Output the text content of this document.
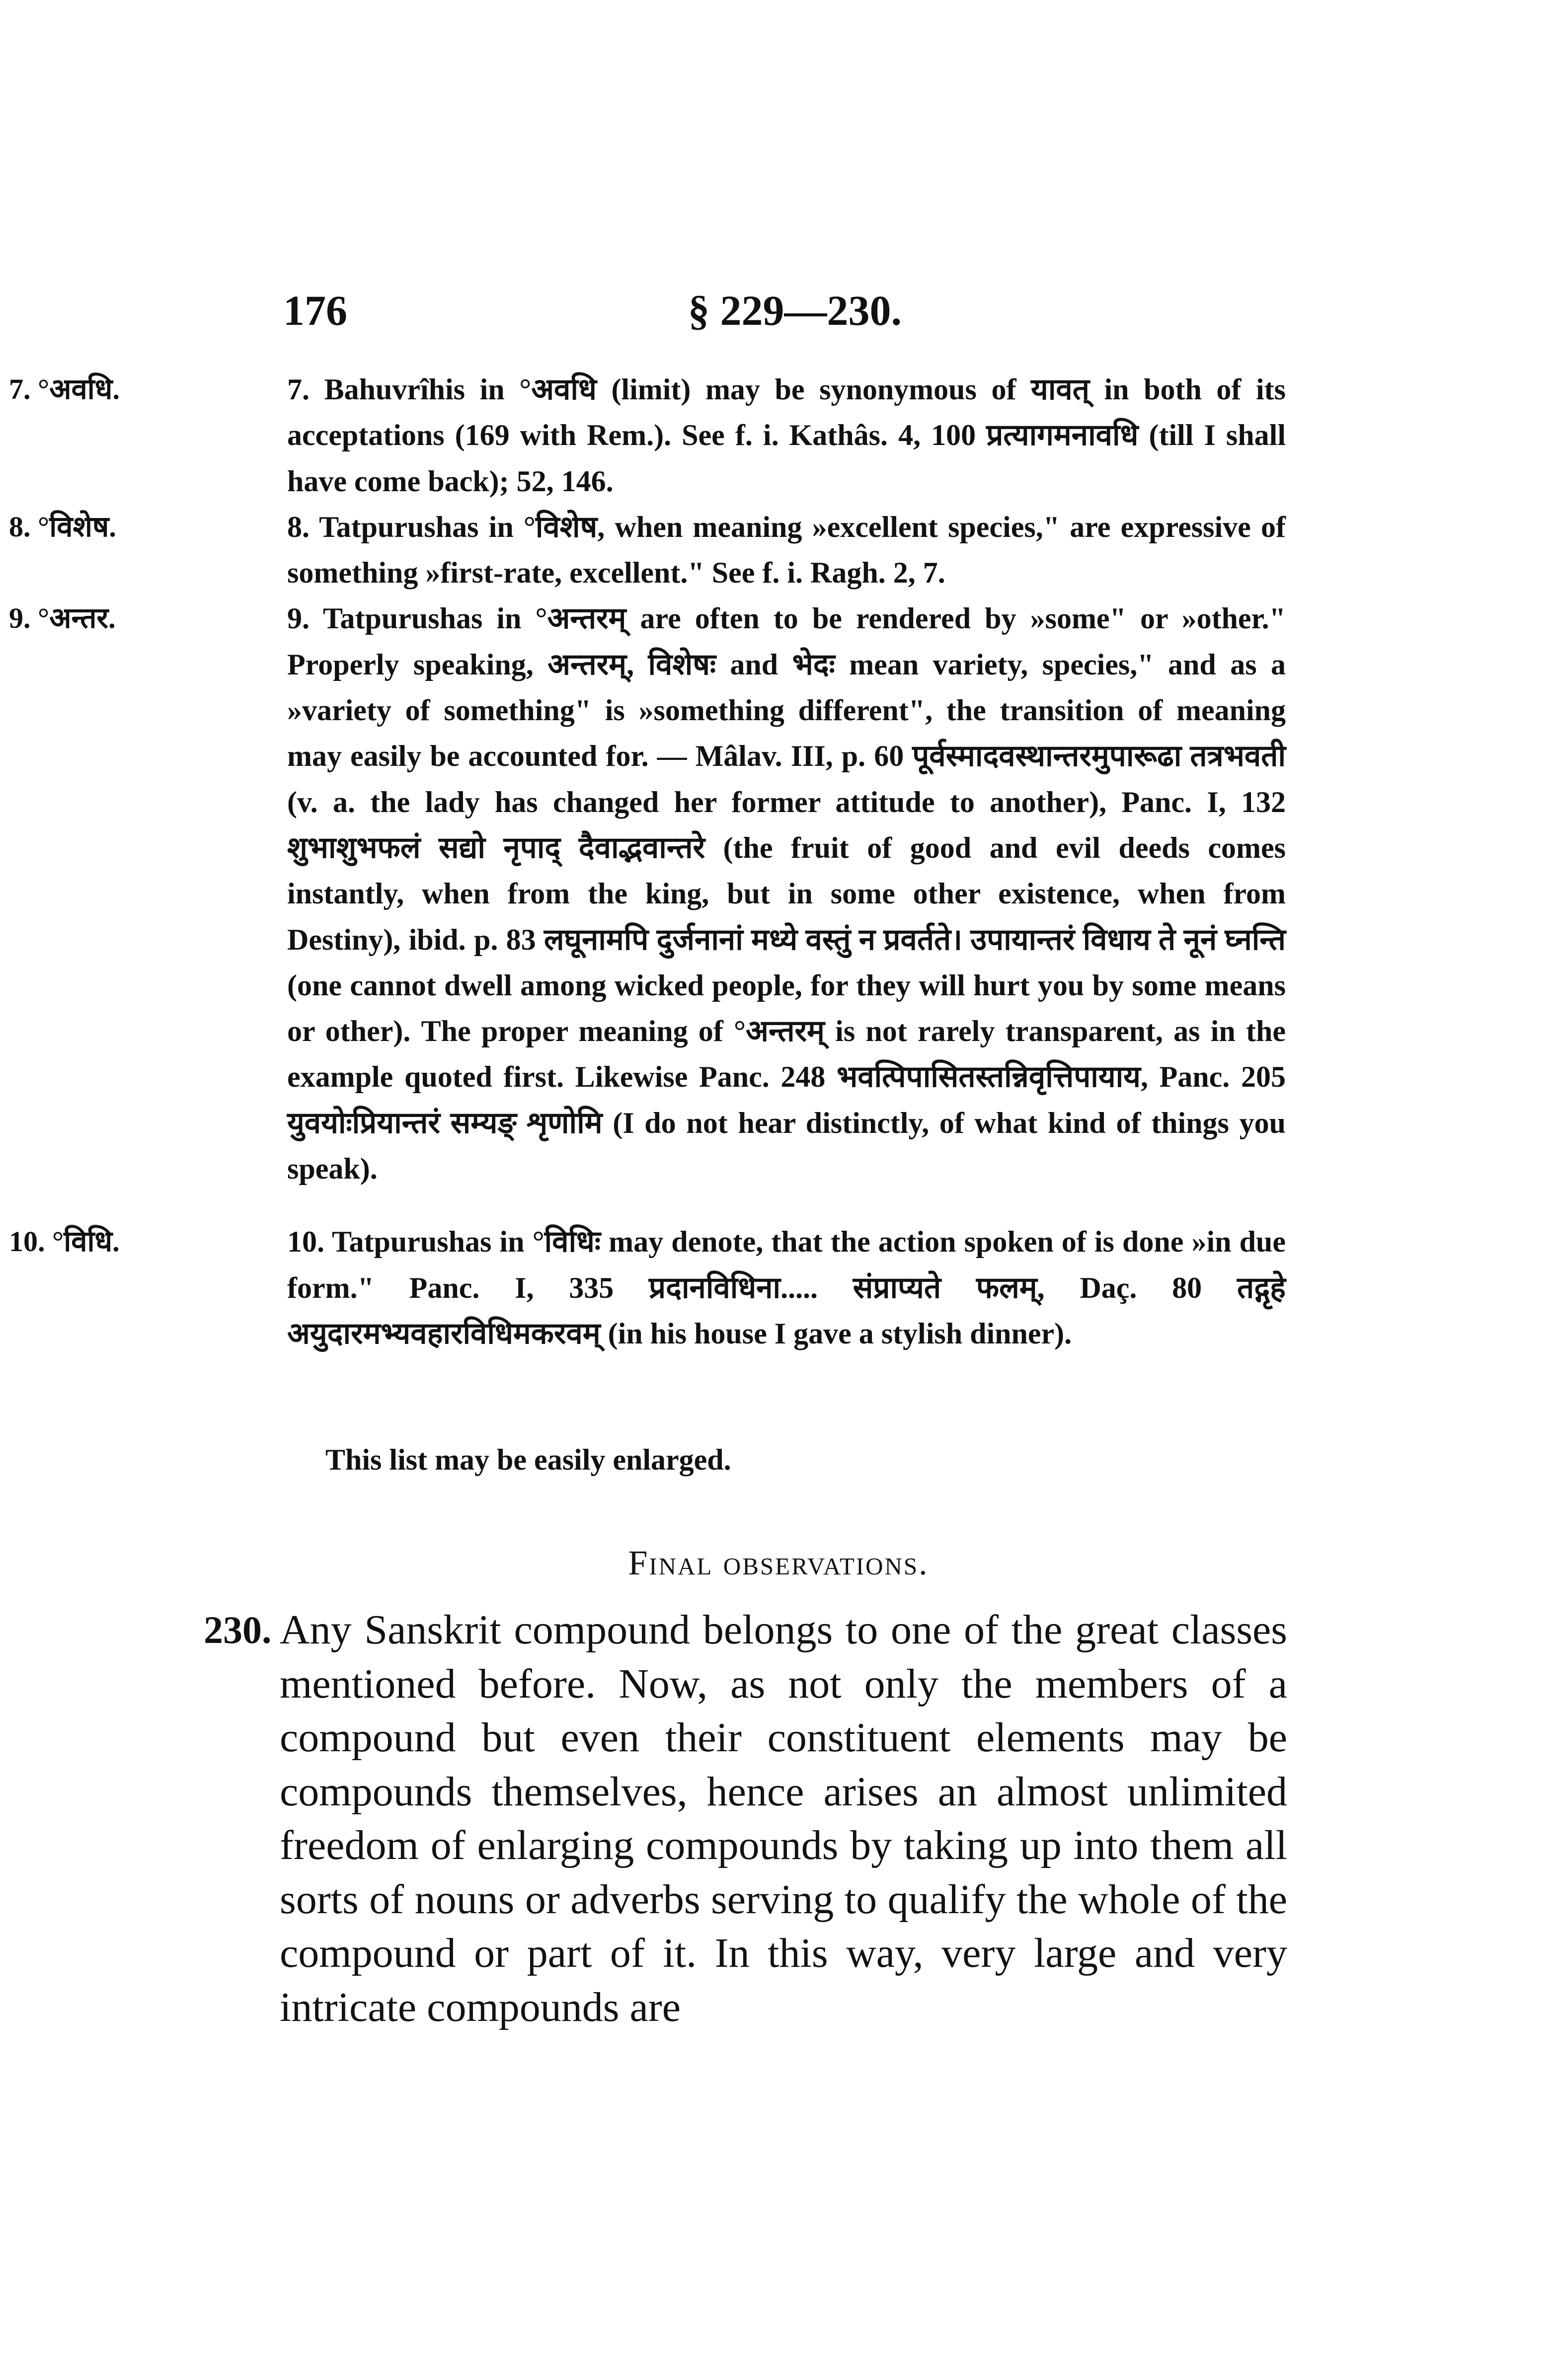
176	§ 229—230.
7. °अवधि.	7. Bahuvrîhis in °अवधि (limit) may be synonymous of यावत् in both of its acceptations (169 with Rem.). See f. i. Kathâs. 4, 100 प्रत्यागमनावधि (till I shall have come back); 52, 146.
8. °विशेष.	8. Tatpurushas in °विशेष, when meaning »excellent species," are expressive of something »first-rate, excellent." See f. i. Ragh. 2, 7.
9. °अन्तर.	9. Tatpurushas in °अन्तरम् are often to be rendered by »some" or »other." Properly speaking, अन्तरम्, विशेषः and भेदः mean variety, species," and as a »variety of something" is »something different", the transition of meaning may easily be accounted for. — Mâlav. III, p. 60 पूर्वस्मादवस्थान्तरमुपारूढा तत्रभवती (v. a. the lady has changed her former attitude to another), Panc. I, 132 शुभाशुभफलं सद्यो नृपाद् दैवाद्भवान्तरे (the fruit of good and evil deeds comes instantly, when from the king, but in some other existence, when from Destiny), ibid. p. 83 लघूनामपि दुर्जनानां मध्ये वस्तुं न प्रवर्तते। उपायान्तरं विधाय ते नूनं घ्नन्ति (one cannot dwell among wicked people, for they will hurt you by some means or other). The proper meaning of °अन्तरम् is not rarely transparent, as in the example quoted first. Likewise Panc. 248 भवत्पिपासितस्तन्निवृत्तिपायाय, Panc. 205 युवयोःप्रियान्तरं सम्यङ् शृणोमि (I do not hear distinctly, of what kind of things you speak).
10. °विधि.	10. Tatpurushas in °विधिः may denote, that the action spoken of is done »in due form." Panc. I, 335 प्रदानविधिना..... संप्राप्यते फलम्, Daç. 80 तद्गृहे अयुदारमभ्यवहारविधिमकरवम् (in his house I gave a stylish dinner).
This list may be easily enlarged.
Final observations.
230. Any Sanskrit compound belongs to one of the great classes mentioned before. Now, as not only the members of a compound but even their constituent elements may be compounds themselves, hence arises an almost unlimited freedom of enlarging compounds by taking up into them all sorts of nouns or adverbs serving to qualify the whole of the compound or part of it. In this way, very large and very intricate compounds are
